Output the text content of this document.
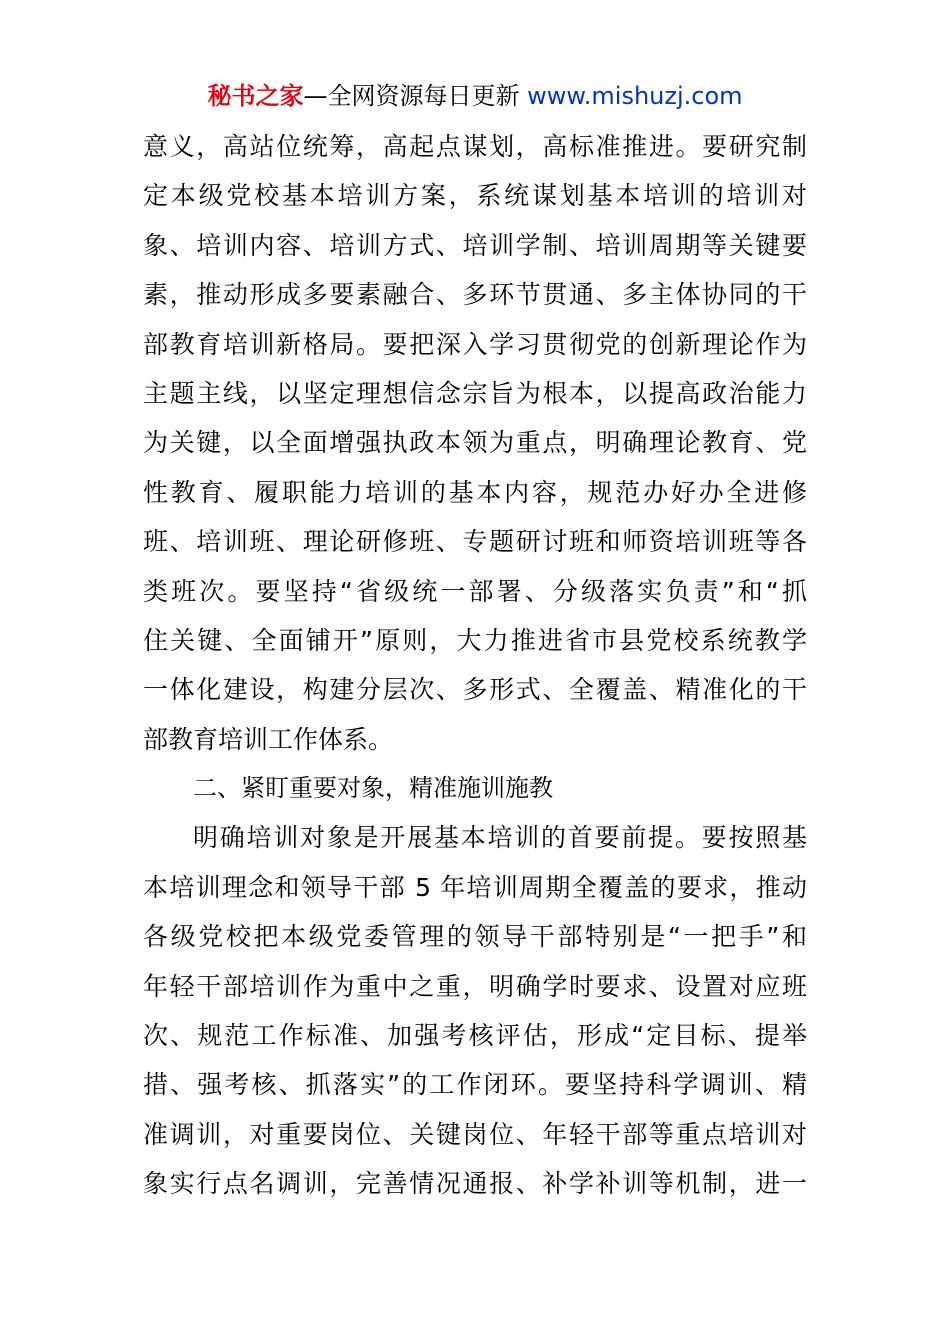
秘书之家—全网资源每日更新 www.mishuzj.com
意义，高站位统筹，高起点谋划，高标准推进。要研究制
定本级党校基本培训方案，系统谋划基本培训的培训对
象、培训内容、培训方式、培训学制、培训周期等关键要
素，推动形成多要素融合、多环节贯通、多主体协同的干
部教育培训新格局。要把深入学习贯彻党的创新理论作为
主题主线，以坚定理想信念宗旨为根本，以提高政治能力
为关键，以全面增强执政本领为重点，明确理论教育、党
性教育、履职能力培训的基本内容，规范办好办全进修
班、培训班、理论研修班、专题研讨班和师资培训班等各
类班次。要坚持“省级统一部署、分级落实负责”和“抓
住关键、全面铺开”原则，大力推进省市县党校系统教学
一体化建设，构建分层次、多形式、全覆盖、精准化的干
部教育培训工作体系。
二、紧盯重要对象，精准施训施教
明确培训对象是开展基本培训的首要前提。要按照基
本培训理念和领导干部 5 年培训周期全覆盖的要求，推动
各级党校把本级党委管理的领导干部特别是“一把手”和
年轻干部培训作为重中之重，明确学时要求、设置对应班
次、规范工作标准、加强考核评估，形成“定目标、提举
措、强考核、抓落实”的工作闭环。要坚持科学调训、精
准调训，对重要岗位、关键岗位、年轻干部等重点培训对
象实行点名调训，完善情况通报、补学补训等机制，进一
